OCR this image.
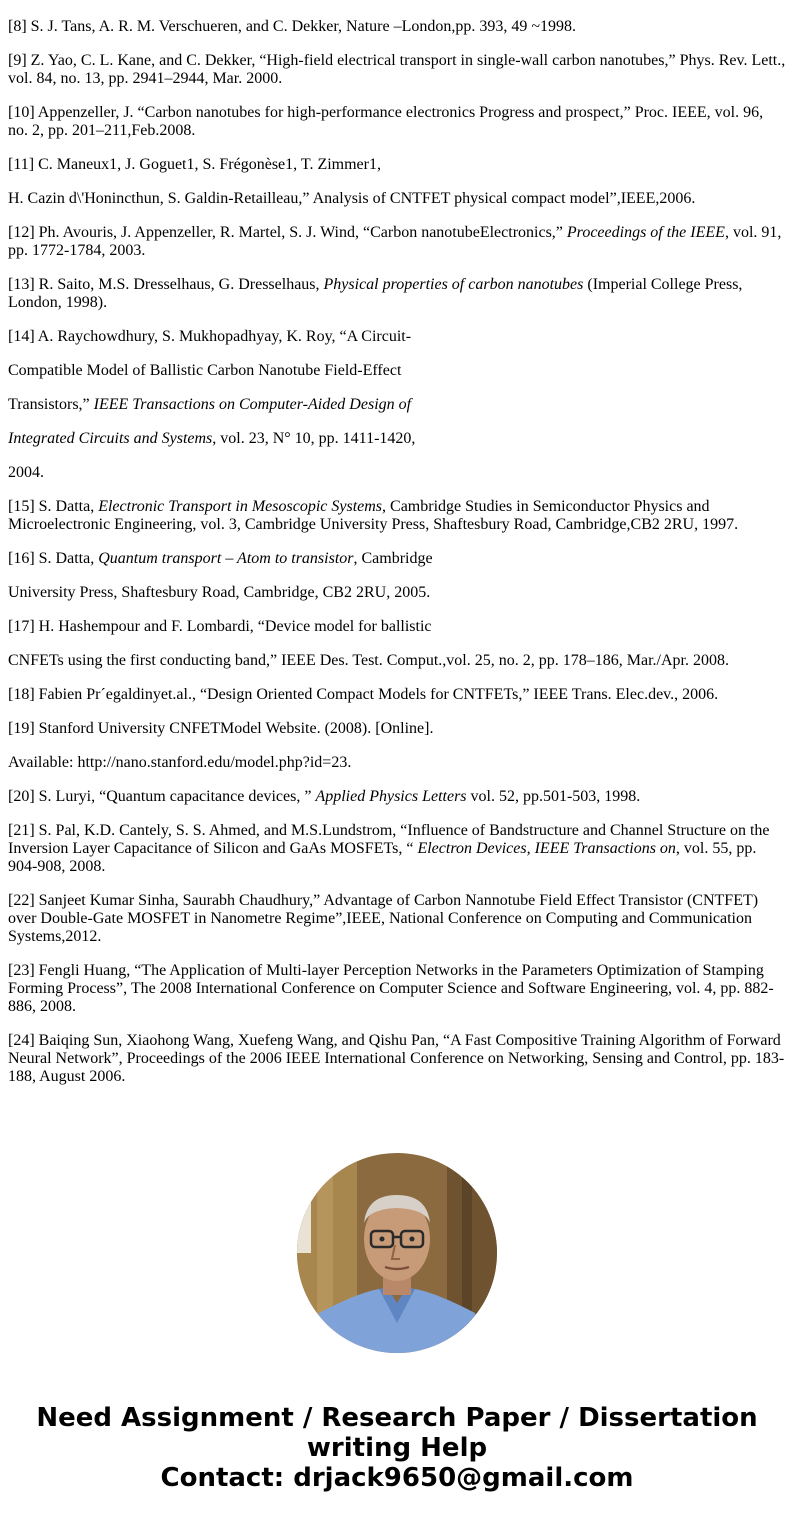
[8] S. J. Tans, A. R. M. Verschueren, and C. Dekker, Nature –London,pp. 393, 49 ~1998.

[9] Z. Yao, C. L. Kane, and C. Dekker, “High-field electrical transport in single-wall carbon nanotubes,” Phys. Rev. Lett., vol. 84, no. 13, pp. 2941–2944, Mar. 2000.

[10] Appenzeller, J. “Carbon nanotubes for high-performance electronics Progress and prospect,” Proc. IEEE, vol. 96, no. 2, pp. 201–211,Feb.2008.

[11] C. Maneux1, J. Goguet1, S. Frégonèse1, T. Zimmer1,

H. Cazin d\'Honincthun, S. Galdin-Retailleau,” Analysis of CNTFET physical compact model”,IEEE,2006.

[12] Ph. Avouris, J. Appenzeller, R. Martel, S. J. Wind, “Carbon nanotubeElectronics,” Proceedings of the IEEE, vol. 91, pp. 1772-1784, 2003.

[13] R. Saito, M.S. Dresselhaus, G. Dresselhaus, Physical properties of carbon nanotubes (Imperial College Press, London, 1998).

[14] A. Raychowdhury, S. Mukhopadhyay, K. Roy, “A Circuit-

Compatible Model of Ballistic Carbon Nanotube Field-Effect

Transistors,” IEEE Transactions on Computer-Aided Design of

Integrated Circuits and Systems, vol. 23, N° 10, pp. 1411-1420,

2004.

[15] S. Datta, Electronic Transport in Mesoscopic Systems, Cambridge Studies in Semiconductor Physics and Microelectronic Engineering, vol. 3, Cambridge University Press, Shaftesbury Road, Cambridge,CB2 2RU, 1997.

[16] S. Datta, Quantum transport – Atom to transistor, Cambridge

University Press, Shaftesbury Road, Cambridge, CB2 2RU, 2005.

[17] H. Hashempour and F. Lombardi, “Device model for ballistic

CNFETs using the first conducting band,” IEEE Des. Test. Comput.,vol. 25, no. 2, pp. 178–186, Mar./Apr. 2008.

[18] Fabien Pr´egaldinyet.al., “Design Oriented Compact Models for CNTFETs,” IEEE Trans. Elec.dev., 2006.

[19] Stanford University CNFETModel Website. (2008). [Online].

Available: http://nano.stanford.edu/model.php?id=23.

[20] S. Luryi, “Quantum capacitance devices, ” Applied Physics Letters vol. 52, pp.501-503, 1998.

[21] S. Pal, K.D. Cantely, S. S. Ahmed, and M.S.Lundstrom, “Influence of Bandstructure and Channel Structure on the Inversion Layer Capacitance of Silicon and GaAs MOSFETs, “ Electron Devices, IEEE Transactions on, vol. 55, pp. 904-908, 2008.

[22] Sanjeet Kumar Sinha, Saurabh Chaudhury,” Advantage of Carbon Nannotube Field Effect Transistor (CNTFET) over Double-Gate MOSFET in Nanometre Regime”,IEEE, National Conference on Computing and Communication Systems,2012.

[23] Fengli Huang, “The Application of Multi-layer Perception Networks in the Parameters Optimization of Stamping Forming Process”, The 2008 International Conference on Computer Science and Software Engineering, vol. 4, pp. 882-886, 2008.

[24] Baiqing Sun, Xiaohong Wang, Xuefeng Wang, and Qishu Pan, “A Fast Compositive Training Algorithm of Forward Neural Network”, Proceedings of the 2006 IEEE International Conference on Networking, Sensing and Control, pp. 183-188, August 2006.

Need Assignment / Research Paper / Dissertation
writing Help
Contact: drjack9650@gmail.com
